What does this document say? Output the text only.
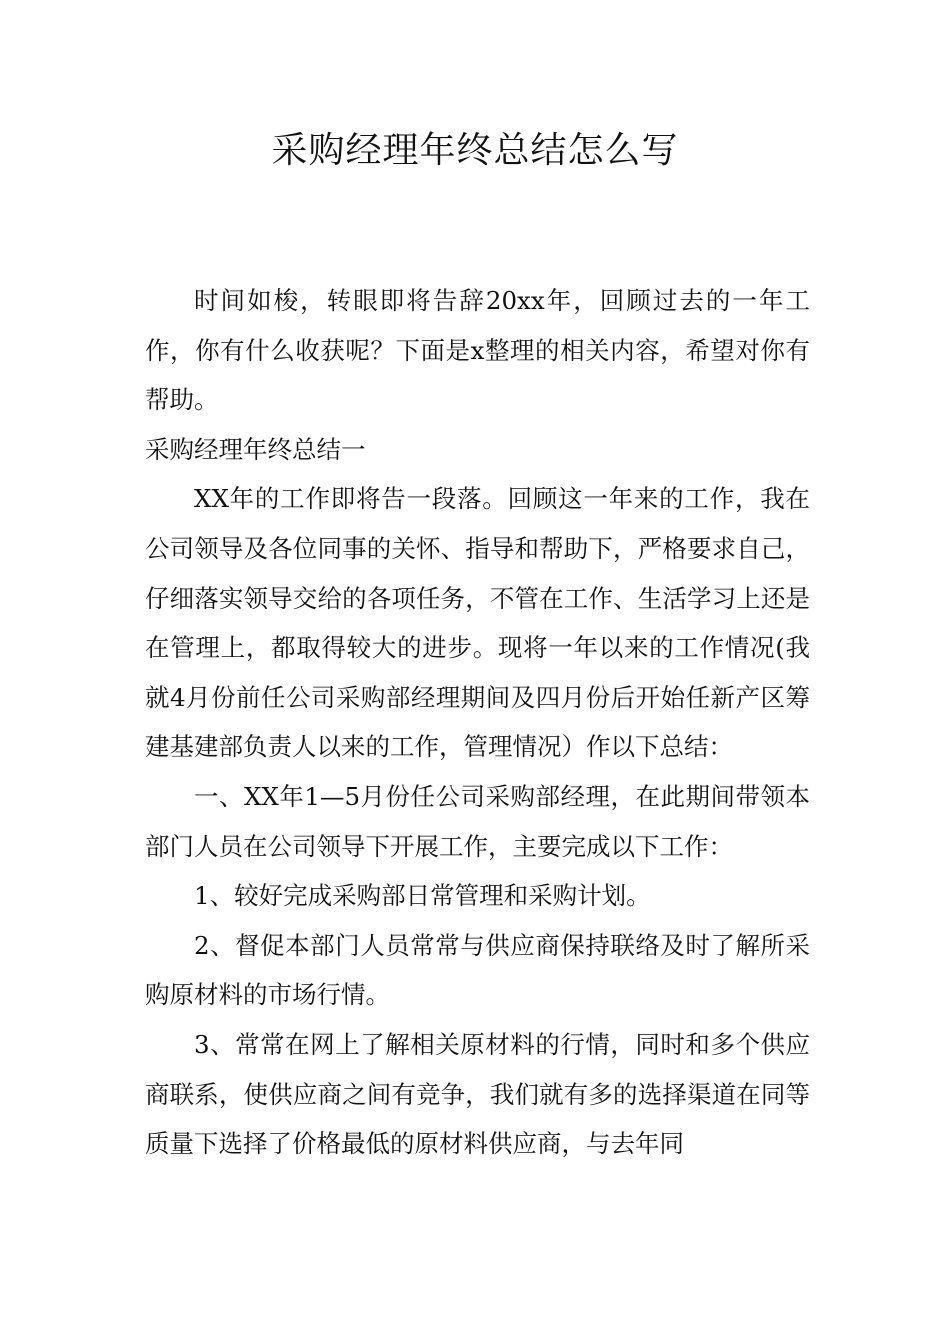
采购经理年终总结怎么写

时间如梭，转眼即将告辞20xx年，回顾过去的一年工作，你有什么收获呢？下面是x整理的相关内容，希望对你有帮助。

采购经理年终总结一

XX年的工作即将告一段落。回顾这一年来的工作，我在公司领导及各位同事的关怀、指导和帮助下，严格要求自己，仔细落实领导交给的各项任务，不管在工作、生活学习上还是在管理上，都取得较大的进步。现将一年以来的工作情况(我就4月份前任公司采购部经理期间及四月份后开始任新产区筹建基建部负责人以来的工作，管理情况）作以下总结：

一、XX年1—5月份任公司采购部经理，在此期间带领本部门人员在公司领导下开展工作，主要完成以下工作：

1、较好完成采购部日常管理和采购计划。

2、督促本部门人员常常与供应商保持联络及时了解所采购原材料的市场行情。

3、常常在网上了解相关原材料的行情，同时和多个供应商联系，使供应商之间有竞争，我们就有多的选择渠道在同等质量下选择了价格最低的原材料供应商，与去年同
